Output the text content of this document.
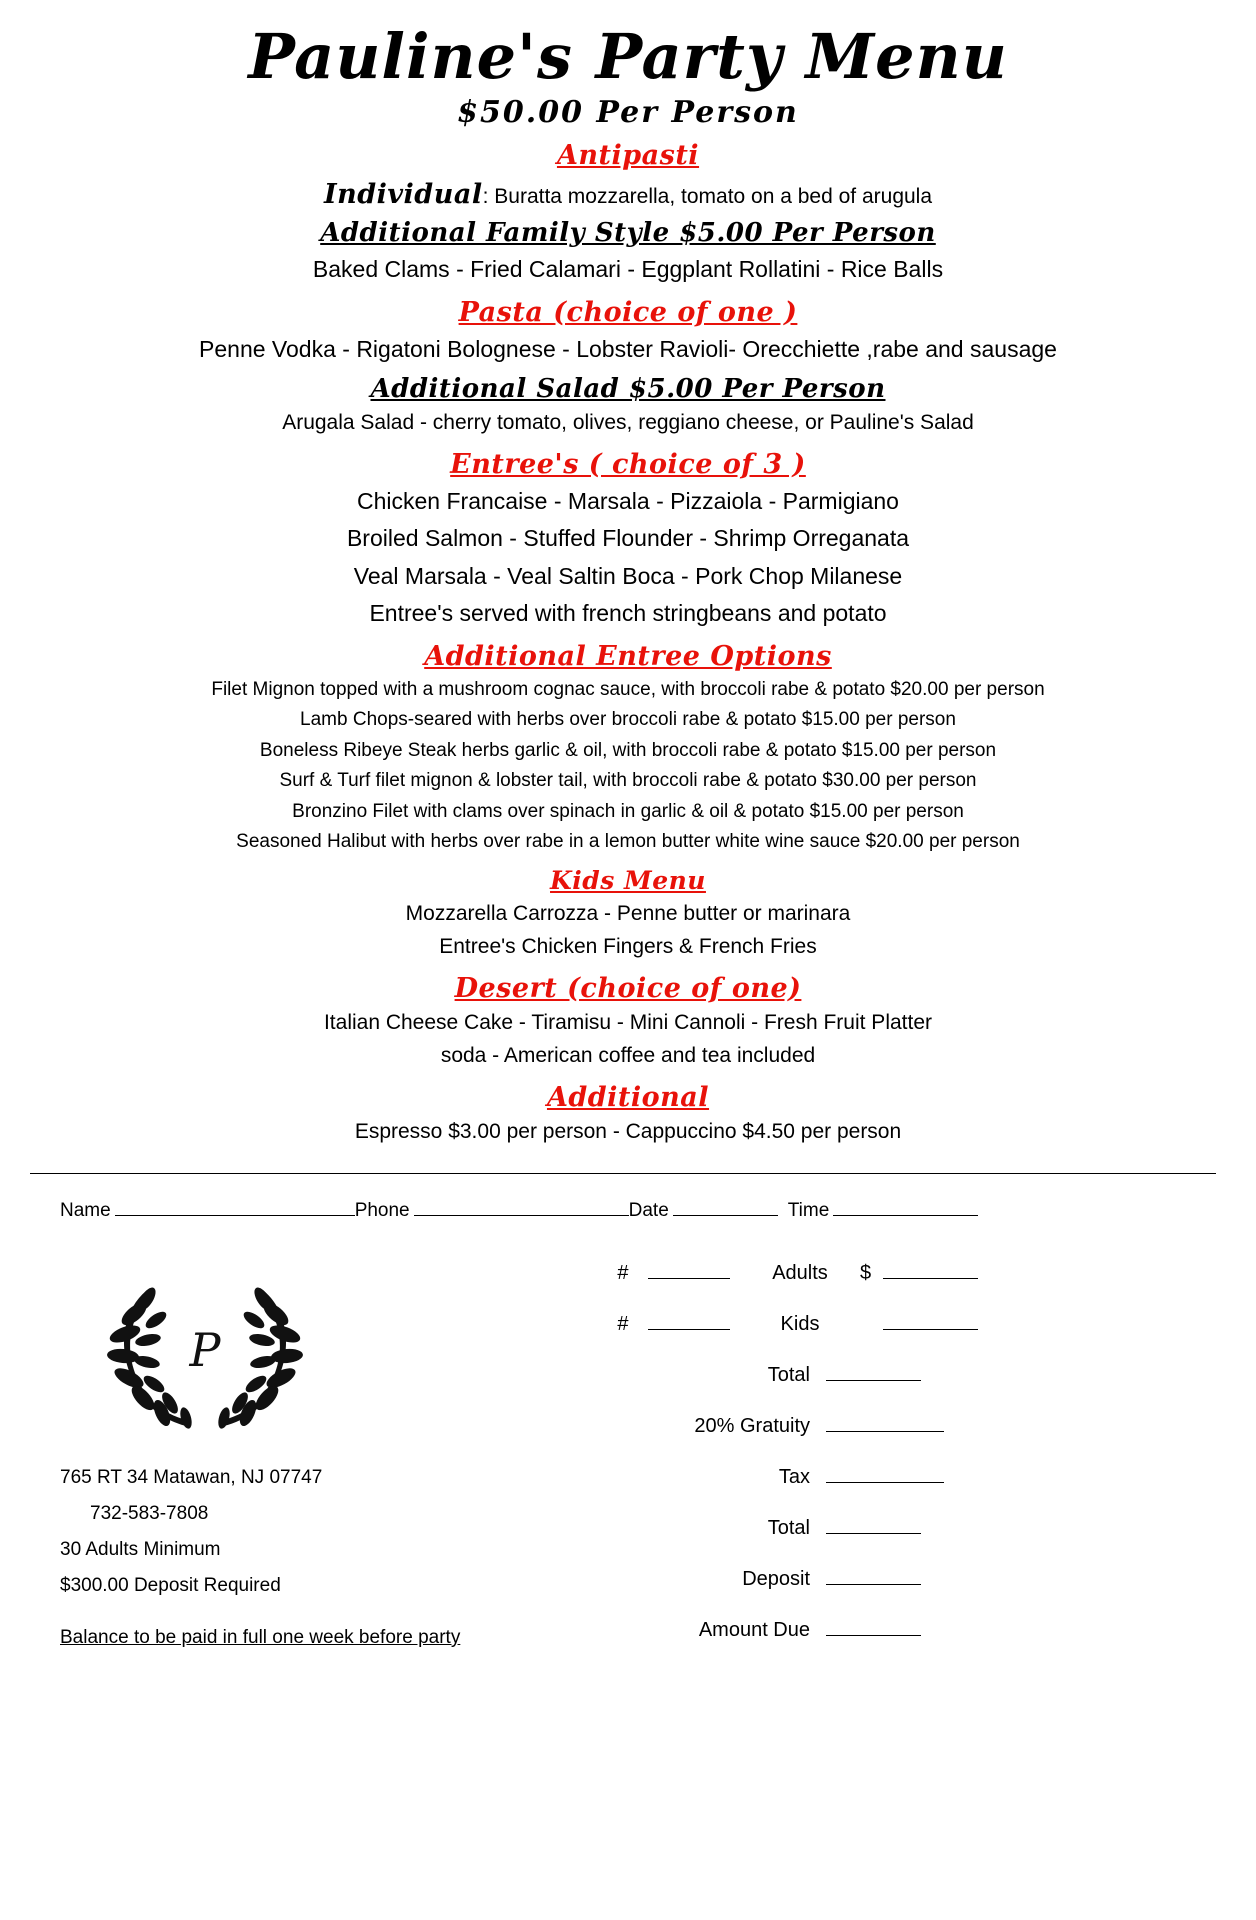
Pauline's Party Menu
$50.00 Per Person
Antipasti
Individual: Buratta mozzarella, tomato on a bed of arugula
Additional Family Style $5.00 Per Person
Baked Clams - Fried Calamari - Eggplant Rollatini - Rice Balls
Pasta (choice of one )
Penne Vodka - Rigatoni Bolognese - Lobster Ravioli- Orecchiette ,rabe and sausage
Additional Salad $5.00 Per Person
Arugala Salad - cherry tomato, olives, reggiano cheese, or Pauline's Salad
Entree's ( choice of 3 )
Chicken Francaise - Marsala - Pizzaiola - Parmigiano
Broiled Salmon - Stuffed Flounder - Shrimp Orreganata
Veal Marsala - Veal Saltin Boca - Pork Chop Milanese
Entree's served with french stringbeans and potato
Additional Entree Options
Filet Mignon topped with a mushroom cognac sauce, with broccoli rabe & potato $20.00 per person
Lamb Chops-seared with herbs over broccoli rabe & potato $15.00 per person
Boneless Ribeye Steak herbs garlic & oil, with broccoli rabe & potato $15.00 per person
Surf & Turf filet mignon & lobster tail, with broccoli rabe & potato $30.00 per person
Bronzino Filet with clams over spinach in garlic & oil & potato $15.00 per person
Seasoned Halibut with herbs over rabe in a lemon butter white wine sauce $20.00 per person
Kids Menu
Mozzarella Carrozza - Penne butter or marinara
Entree's Chicken Fingers & French Fries
Desert (choice of one)
Italian Cheese Cake - Tiramisu - Mini Cannoli - Fresh Fruit Platter
soda - American coffee and tea included
Additional
Espresso $3.00 per person - Cappuccino $4.50 per person
Name	Phone	Date	Time
P
765 RT 34 Matawan, NJ 07747
732-583-7808
30 Adults Minimum
$300.00 Deposit Required
Balance to be paid in full one week before party
#	Adults	$
#	Kids
Total
20% Gratuity
Tax
Total
Deposit
Amount Due
